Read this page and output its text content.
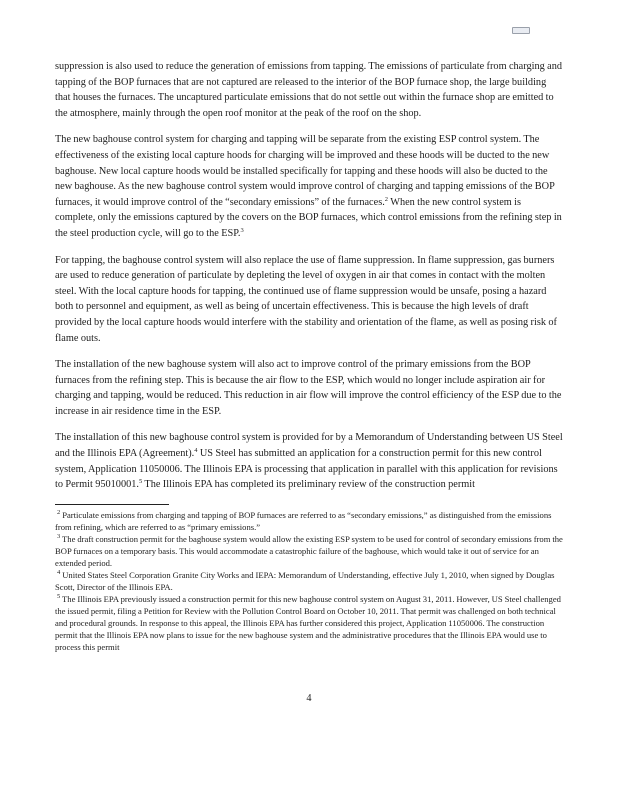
suppression is also used to reduce the generation of emissions from tapping. The emissions of particulate from charging and tapping of the BOP furnaces that are not captured are released to the interior of the BOP furnace shop, the large building that houses the furnaces. The uncaptured particulate emissions that do not settle out within the furnace shop are emitted to the atmosphere, mainly through the open roof monitor at the peak of the roof on the shop.

The new baghouse control system for charging and tapping will be separate from the existing ESP control system. The effectiveness of the existing local capture hoods for charging will be improved and these hoods will be ducted to the new baghouse. New local capture hoods would be installed specifically for tapping and these hoods will also be ducted to the new baghouse. As the new baghouse control system would improve control of charging and tapping emissions of the BOP furnaces, it would improve control of the “secondary emissions” of the furnaces.$^2$ When the new control system is complete, only the emissions captured by the covers on the BOP furnaces, which control emissions from the refining step in the steel production cycle, will go to the ESP.$^3$

For tapping, the baghouse control system will also replace the use of flame suppression. In flame suppression, gas burners are used to reduce generation of particulate by depleting the level of oxygen in air that comes in contact with the molten steel. With the local capture hoods for tapping, the continued use of flame suppression would be unsafe, posing a hazard both to personnel and equipment, as well as being of uncertain effectiveness. This is because the high levels of draft provided by the local capture hoods would interfere with the stability and orientation of the flame, as well as posing risk of flame outs.

The installation of the new baghouse system will also act to improve control of the primary emissions from the BOP furnaces from the refining step. This is because the air flow to the ESP, which would no longer include aspiration air for charging and tapping, would be reduced. This reduction in air flow will improve the control efficiency of the ESP due to the increase in air residence time in the ESP.

The installation of this new baghouse control system is provided for by a Memorandum of Understanding between US Steel and the Illinois EPA (Agreement).$^4$ US Steel has submitted an application for a construction permit for this new control system, Application 11050006. The Illinois EPA is processing that application in parallel with this application for revisions to Permit 95010001.$^5$ The Illinois EPA has completed its preliminary review of the construction permit

$^2$ Particulate emissions from charging and tapping of BOP furnaces are referred to as “secondary emissions,” as distinguished from the emissions from refining, which are referred to as “primary emissions.”

$^3$ The draft construction permit for the baghouse system would allow the existing ESP system to be used for control of secondary emissions from the BOP furnaces on a temporary basis. This would accommodate a catastrophic failure of the baghouse, which would take it out of service for an extended period.

$^4$ United States Steel Corporation Granite City Works and IEPA: Memorandum of Understanding, effective July 1, 2010, when signed by Douglas Scott, Director of the Illinois EPA.

$^5$ The Illinois EPA previously issued a construction permit for this new baghouse control system on August 31, 2011. However, US Steel challenged the issued permit, filing a Petition for Review with the Pollution Control Board on October 10, 2011. That permit was challenged on both technical and procedural grounds. In response to this appeal, the Illinois EPA has further considered this project, Application 11050006. The construction permit that the Illinois EPA now plans to issue for the new baghouse system and the administrative procedures that the Illinois EPA would use to process this permit

4
